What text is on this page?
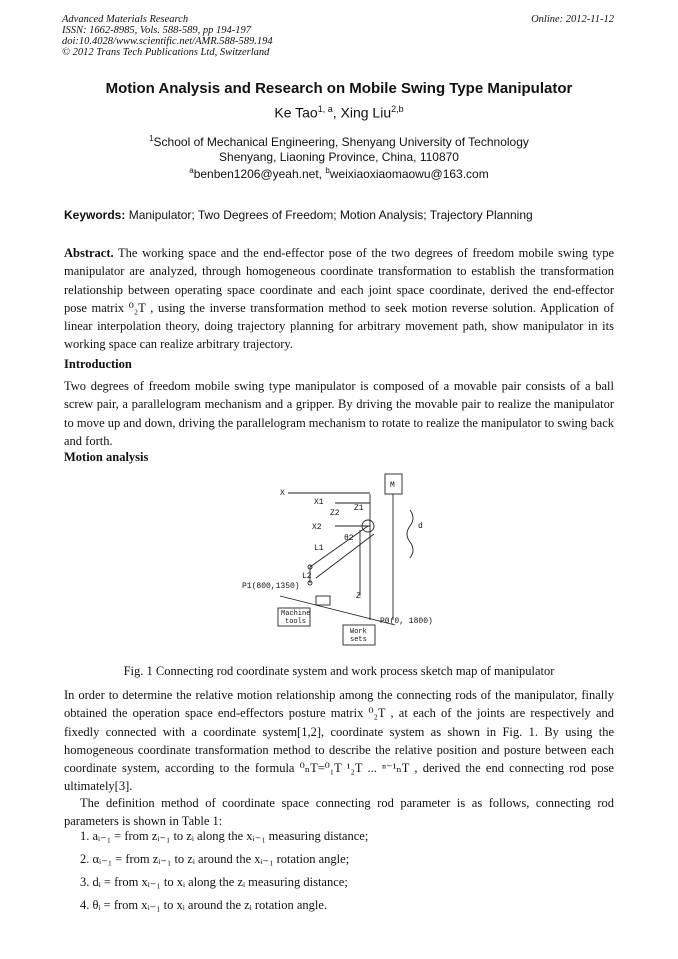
Advanced Materials Research
ISSN: 1662-8985, Vols. 588-589, pp 194-197
doi:10.4028/www.scientific.net/AMR.588-589.194
© 2012 Trans Tech Publications Ltd, Switzerland
Online: 2012-11-12
Motion Analysis and Research on Mobile Swing Type Manipulator
Ke Tao$^{1, a}$, Xing Liu$^{2,b}$
$^1$School of Mechanical Engineering, Shenyang University of Technology
Shenyang, Liaoning Province, China, 110870
$^a$benben1206@yeah.net, $^b$weixiaoxiaomaowu@163.com
Keywords: Manipulator; Two Degrees of Freedom; Motion Analysis; Trajectory Planning
Abstract. The working space and the end-effector pose of the two degrees of freedom mobile swing type manipulator are analyzed, through homogeneous coordinate transformation to establish the transformation relationship between operating space coordinate and each joint space coordinate, derived the end-effector pose matrix ⁰₂T , using the inverse transformation method to seek motion reverse solution. Application of linear interpolation theory, doing trajectory planning for arbitrary movement path, show manipulator in its working space can realize arbitrary trajectory.
Introduction
Two degrees of freedom mobile swing type manipulator is composed of a movable pair consists of a ball screw pair, a parallelogram mechanism and a gripper. By driving the movable pair to realize the manipulator to move up and down, driving the parallelogram mechanism to rotate to realize the manipulator to swing back and forth.
Motion analysis
X
X1
X2
Z1
Z2
θ2
L1
L2
Z
M
d
P1(800,1350)
P0(0, 1800)
Machine
tools
Work
sets
Fig. 1 Connecting rod coordinate system and work process sketch map of manipulator
In order to determine the relative motion relationship among the connecting rods of the manipulator, finally obtained the operation space end-effectors posture matrix ⁰₂T , at each of the joints are respectively and fixedly connected with a coordinate system[1,2], coordinate system as shown in Fig. 1. By using the homogeneous coordinate transformation method to describe the relative position and posture between each coordinate system, according to the formula ⁰ₙT=⁰₁T ¹₂T ... ⁿ⁻¹ₙT , derived the end connecting rod pose ultimately[3].
The definition method of coordinate space connecting rod parameter is as follows, connecting rod parameters is shown in Table 1:
1. aᵢ₋₁ = from zᵢ₋₁ to zᵢ along the xᵢ₋₁ measuring distance;
2. αᵢ₋₁ = from zᵢ₋₁ to zᵢ around the xᵢ₋₁ rotation angle;
3. dᵢ = from xᵢ₋₁ to xᵢ along the zᵢ measuring distance;
4. θᵢ = from xᵢ₋₁ to xᵢ around the zᵢ rotation angle.
